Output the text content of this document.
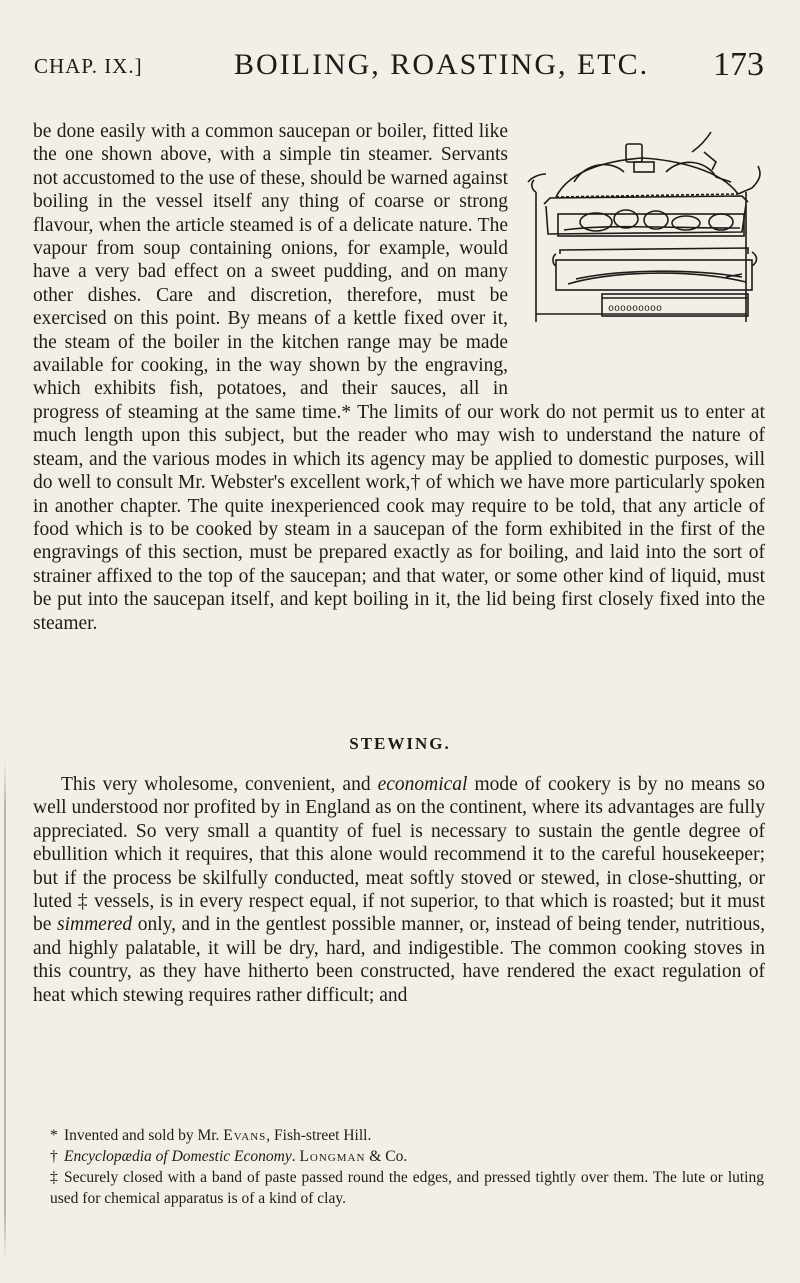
CHAP. IX.]	BOILING, ROASTING, ETC. 173

ooooooooo
be done easily with a common saucepan or boiler, fitted like the one shown above, with a simple tin steamer. Servants not accustomed to the use of these, should be warned against boiling in the vessel itself any thing of coarse or strong flavour, when the article steamed is of a delicate nature. The vapour from soup containing onions, for example, would have a very bad effect on a sweet pudding, and on many other dishes. Care and discretion, therefore, must be exercised on this point. By means of a kettle fixed over it, the steam of the boiler in the kitchen range may be made available for cooking, in the way shown by the engraving, which exhibits fish, potatoes, and their sauces, all in progress of steaming at the same time.* The limits of our work do not permit us to enter at much length upon this subject, but the reader who may wish to understand the nature of steam, and the various modes in which its agency may be applied to domestic purposes, will do well to consult Mr. Webster's excellent work,† of which we have more particularly spoken in another chapter. The quite inexperienced cook may require to be told, that any article of food which is to be cooked by steam in a saucepan of the form exhibited in the first of the engravings of this section, must be prepared exactly as for boiling, and laid into the sort of strainer affixed to the top of the saucepan; and that water, or some other kind of liquid, must be put into the saucepan itself, and kept boiling in it, the lid being first closely fixed into the steamer.

STEWING.

This very wholesome, convenient, and economical mode of cookery is by no means so well understood nor profited by in England as on the continent, where its advantages are fully appreciated. So very small a quantity of fuel is necessary to sustain the gentle degree of ebullition which it requires, that this alone would recommend it to the careful housekeeper; but if the process be skilfully conducted, meat softly stoved or stewed, in close-shutting, or luted ‡ vessels, is in every respect equal, if not superior, to that which is roasted; but it must be simmered only, and in the gentlest possible manner, or, instead of being tender, nutritious, and highly palatable, it will be dry, hard, and indigestible. The common cooking stoves in this country, as they have hitherto been constructed, have rendered the exact regulation of heat which stewing requires rather difficult; and

* Invented and sold by Mr. Evans, Fish-street Hill.

† Encyclopædia of Domestic Economy. Longman & Co.

‡ Securely closed with a band of paste passed round the edges, and pressed tightly over them. The lute or luting used for chemical apparatus is of a kind of clay.
